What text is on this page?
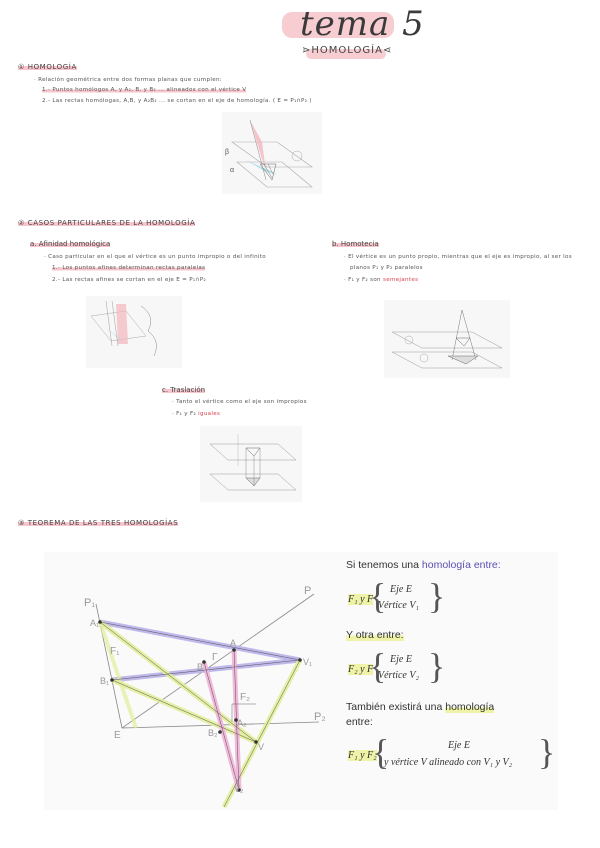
tema 5
⋗HOMOLOGÍA⋖
① HOMOLOGÍA
· Relación geométrica entre dos formas planas que cumplen:
1.- Puntos homólogos A, y A₂, B, y B₂ ... alineados con el vértice V
2.- Las rectas homólogas, A,B, y A₂B₂ ... se cortan en el eje de homología. ( E = P₁∩P₂ )
β
α
② CASOS PARTICULARES DE LA HOMOLOGÍA
a. Afinidad homológica
· Caso particular en el que el vértice es un punto impropio o del infinito
1.- Los puntos afines determinan rectas paralelas
2.- Las rectas afines se cortan en el eje E = P₁∩P₂
b. Homotecia
· El vértice es un punto propio, mientras que el eje es impropio, al ser los
planos P₁ y P₂ paralelos
· F₁ y F₂ son semejantes
c. Traslación
· Tanto el vértice como el eje son impropios
· F₁ y F₂ iguales
③ TEOREMA DE LAS TRES HOMOLOGÍAS
P₁
P
P₂
A₁
A
V₁
F₁
B
Γ
B₁
F₂
A₂
E	B₂
V
V₂
Si tenemos una homología entre:
F₁ y F
{ Eje E
Vértice V₁ }
Y otra entre:
F₂ y F
{ Eje E
Vértice V₂ }
También existirá una homología
entre:
F₁ y F₂
{	Eje E
y vértice V alineado con V₁ y V₂ }
